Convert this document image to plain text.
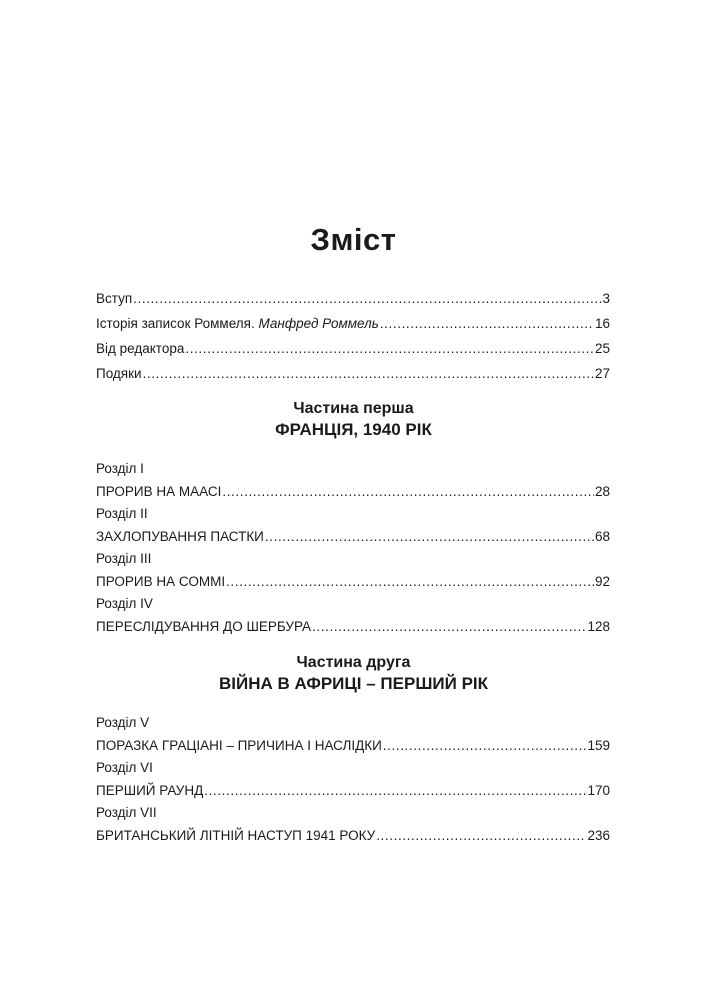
Зміст
Вступ .....	3
Історія записок Роммеля. Манфред Роммель .....	16
Від редактора .....	25
Подяки .....	27
Частина перша
ФРАНЦІЯ, 1940 РІК
Розділ I
ПРОРИВ НА МААСІ .....	28
Розділ II
ЗАХЛОПУВАННЯ ПАСТКИ .....	68
Розділ III
ПРОРИВ НА СОММІ .....	92
Розділ IV
ПЕРЕСЛІДУВАННЯ ДО ШЕРБУРА .....	128
Частина друга
ВІЙНА В АФРИЦІ – ПЕРШИЙ РІК
Розділ V
ПОРАЗКА ГРАЦІАНІ – ПРИЧИНА І НАСЛІДКИ .....	159
Розділ VI
ПЕРШИЙ РАУНД .....	170
Розділ VII
БРИТАНСЬКИЙ ЛІТНІЙ НАСТУП 1941 РОКУ .....	236
